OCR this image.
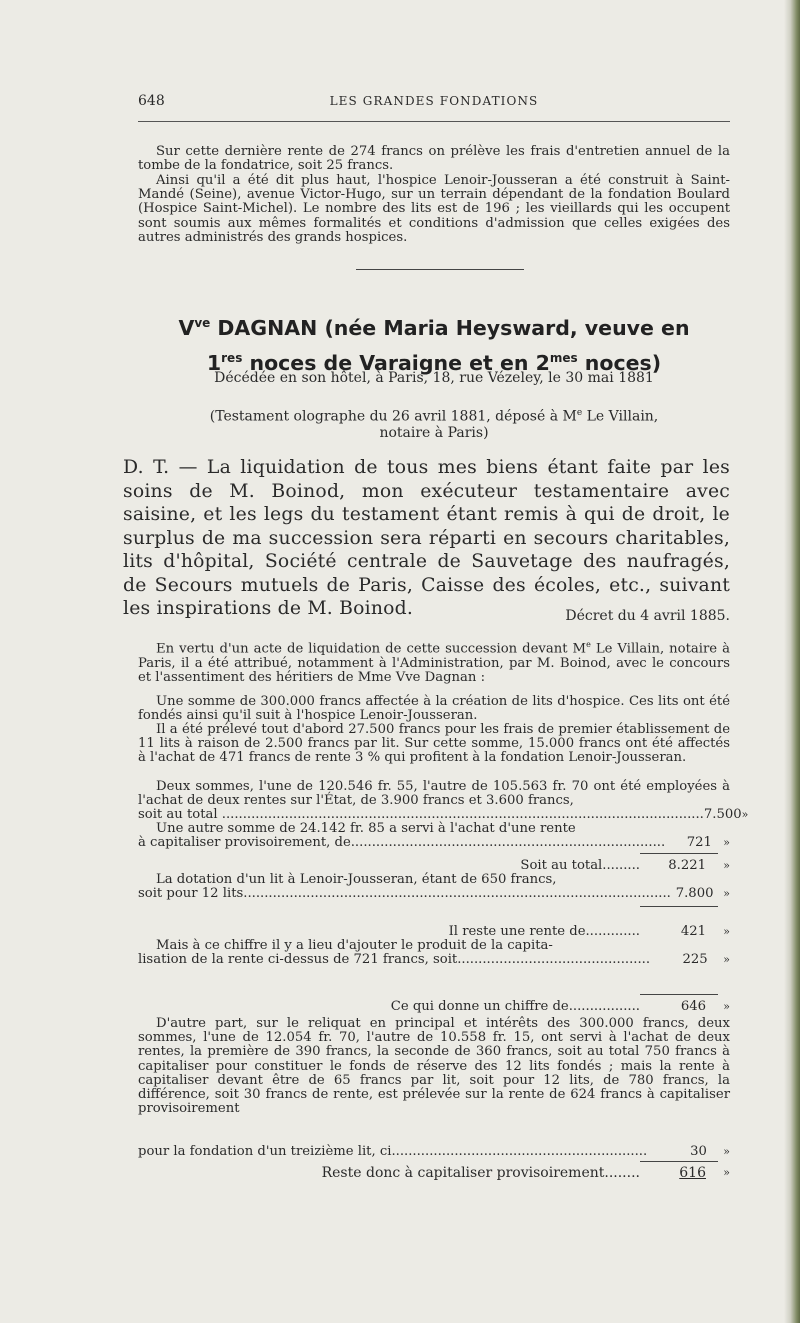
648	LES GRANDES FONDATIONS

Sur cette dernière rente de 274 francs on prélève les frais d'entretien annuel de la tombe de la fondatrice, soit 25 francs.

Ainsi qu'il a été dit plus haut, l'hospice Lenoir-Jousseran a été construit à Saint-Mandé (Seine), avenue Victor-Hugo, sur un terrain dépendant de la fondation Boulard (Hospice Saint-Michel). Le nombre des lits est de 196 ; les vieillards qui les occupent sont soumis aux mêmes formalités et conditions d'admission que celles exigées des autres administrés des grands hospices.

$V^{ve}$ DAGNAN (née Maria Heysward, veuve en
1res noces de Varaigne et en $2^{mes}$ noces)
Décédée en son hôtel, à Paris, 18, rue Vézeley, le 30 mai 1881
(Testament olographe du 26 avril 1881, déposé à Me Le Villain,
notaire à Paris)

D. T. — La liquidation de tous mes biens étant faite par les soins de M. Boinod, mon exécuteur testamentaire avec saisine, et les legs du testament étant remis à qui de droit, le surplus de ma succession sera réparti en secours charitables, lits d'hôpital, Société centrale de Sauvetage des naufragés, de Secours mutuels de Paris, Caisse des écoles, etc., suivant les inspirations de M. Boinod.	Décret du 4 avril 1885.

En vertu d'un acte de liquidation de cette succession devant Me Le Villain, notaire à Paris, il a été attribué, notamment à l'Administration, par M. Boinod, avec le concours et l'assentiment des héritiers de Mme Vve Dagnan :

Une somme de 300.000 francs affectée à la création de lits d'hospice. Ces lits ont été fondés ainsi qu'il suit à l'hospice Lenoir-Jousseran.

Il a été prélevé tout d'abord 27.500 francs pour les frais de premier établissement de 11 lits à raison de 2.500 francs par lit. Sur cette somme, 15.000 francs ont été affectés à l'achat de 471 francs de rente 3 % qui profitent à la fondation Lenoir-Jousseran.

Deux sommes, l'une de 120.546 fr. 55, l'autre de 105.563 fr. 70 ont été employées à l'achat de deux rentes sur l'État, de 3.900 francs et 3.600 francs,

soit au total ................................................................................................................... 7.500 »
Une autre somme de 24.142 fr. 85 a servi à l'achat d'une rente
à capitaliser provisoirement, de...........................................................................	721	»
Soit au total.........	8.221	»
La dotation d'un lit à Lenoir-Jousseran, étant de 650 francs,
soit pour 12 lits...................................................................................................... 7.800 »
Il reste une rente de.............	421	»
Mais à ce chiffre il y a lieu d'ajouter le produit de la capita-
lisation de la rente ci-dessus de 721 francs, soit..............................................	225	»
Ce qui donne un chiffre de.................	646	»

D'autre part, sur le reliquat en principal et intérêts des 300.000 francs, deux sommes, l'une de 12.054 fr. 70, l'autre de 10.558 fr. 15, ont servi à l'achat de deux rentes, la première de 390 francs, la seconde de 360 francs, soit au total 750 francs à capitaliser pour constituer le fonds de réserve des 12 lits fondés ; mais la rente à capitaliser devant être de 65 francs par lit, soit pour 12 lits, de 780 francs, la différence, soit 30 francs de rente, est prélevée sur la rente de 624 francs à capitaliser provisoirement

pour la fondation d'un treizième lit, ci.............................................................	30	»
Reste donc à capitaliser provisoirement........	616	»
